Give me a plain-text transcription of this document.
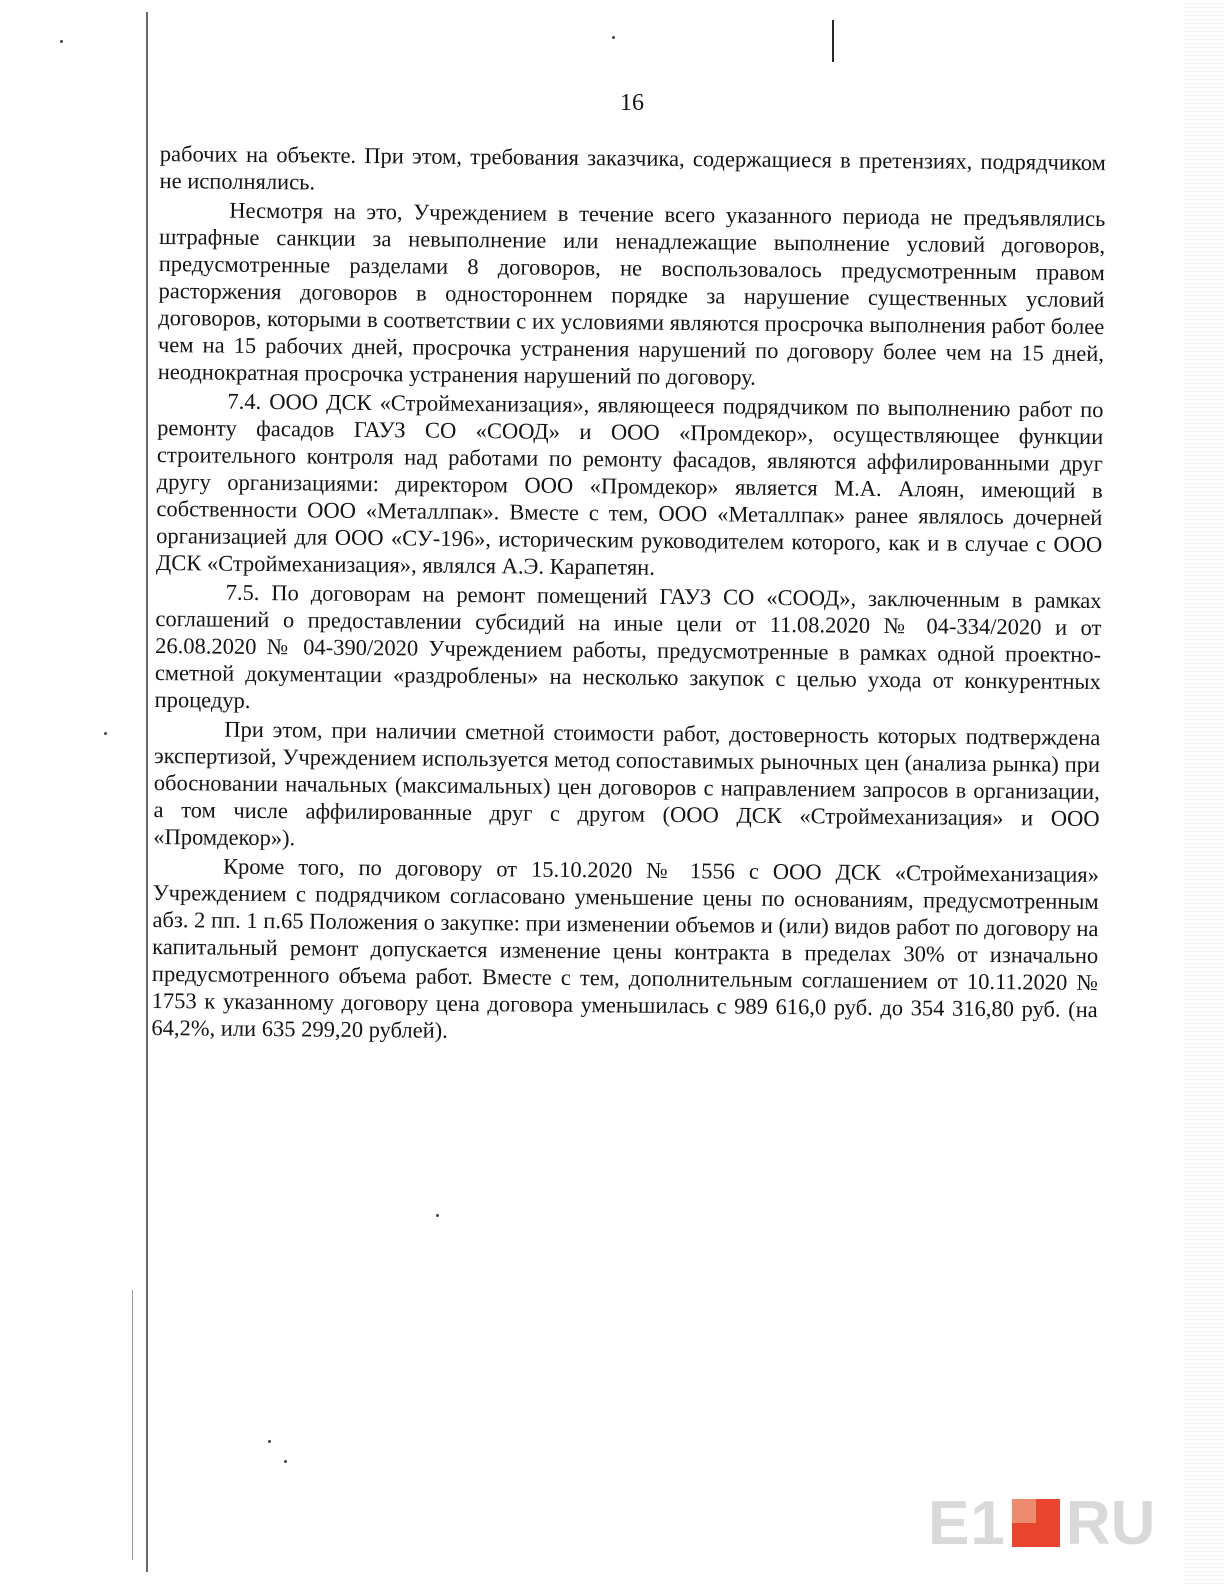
16

рабочих на объекте. При этом, требования заказчика, содержащиеся в претензиях, подрядчиком не исполнялись.

Несмотря на это, Учреждением в течение всего указанного периода не предъявлялись штрафные санкции за невыполнение или ненадлежащие выполнение условий договоров, предусмотренные разделами 8 договоров, не воспользовалось предусмотренным правом расторжения договоров в одностороннем порядке за нарушение существенных условий договоров, которыми в соответствии с их условиями являются просрочка выполнения работ более чем на 15 рабочих дней, просрочка устранения нарушений по договору более чем на 15 дней, неоднократная просрочка устранения нарушений по договору.

7.4. ООО ДСК «Строймеханизация», являющееся подрядчиком по выполнению работ по ремонту фасадов ГАУЗ СО «СООД» и ООО «Промдекор», осуществляющее функции строительного контроля над работами по ремонту фасадов, являются аффилированными друг другу организациями: директором ООО «Промдекор» является М.А. Алоян, имеющий в собственности ООО «Металлпак». Вместе с тем, ООО «Металлпак» ранее являлось дочерней организацией для ООО «СУ-196», историческим руководителем которого, как и в случае с ООО ДСК «Строймеханизация», являлся А.Э. Карапетян.

7.5. По договорам на ремонт помещений ГАУЗ СО «СООД», заключенным в рамках соглашений о предоставлении субсидий на иные цели от 11.08.2020 № 04-334/2020 и от 26.08.2020 № 04-390/2020 Учреждением работы, предусмотренные в рамках одной проектно-сметной документации «раздроблены» на несколько закупок с целью ухода от конкурентных процедур.

При этом, при наличии сметной стоимости работ, достоверность которых подтверждена экспертизой, Учреждением используется метод сопоставимых рыночных цен (анализа рынка) при обосновании начальных (максимальных) цен договоров с направлением запросов в организации, а том числе аффилированные друг с другом (ООО ДСК «Строймеханизация» и ООО «Промдекор»).

Кроме того, по договору от 15.10.2020 № 1556 с ООО ДСК «Строймеханизация» Учреждением с подрядчиком согласовано уменьшение цены по основаниям, предусмотренным абз. 2 пп. 1 п.65 Положения о закупке: при изменении объемов и (или) видов работ по договору на капитальный ремонт допускается изменение цены контракта в пределах 30% от изначально предусмотренного объема работ. Вместе с тем, дополнительным соглашением от 10.11.2020 № 1753 к указанному договору цена договора уменьшилась с 989 616,0 руб. до 354 316,80 руб. (на 64,2%, или 635 299,20 рублей).

E1 RU
